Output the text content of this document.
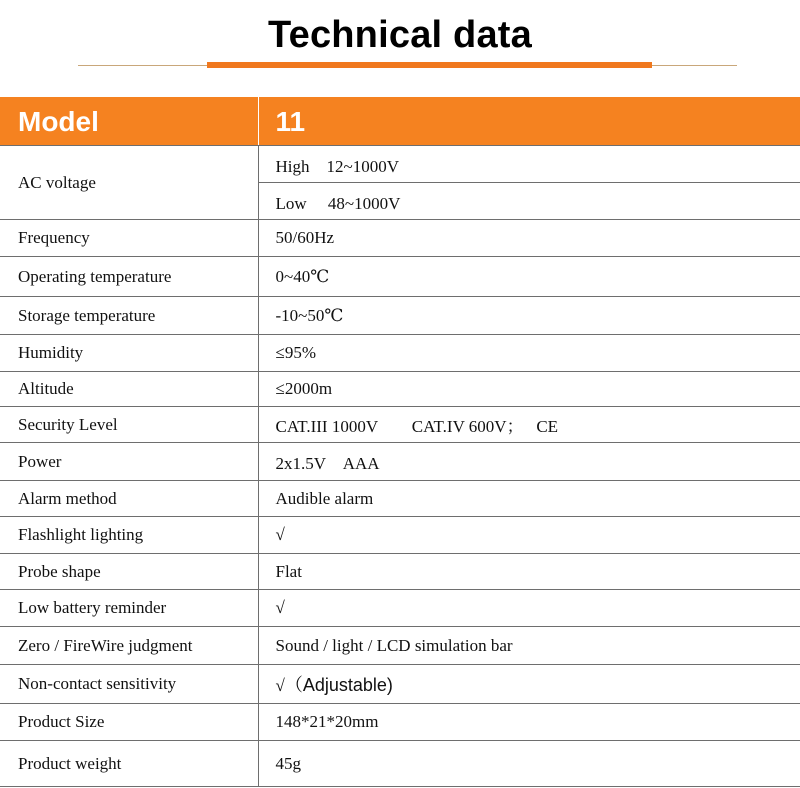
Technical data
Model	11
AC voltage	High　12~1000V
	Low　 48~1000V
Frequency	50/60Hz
Operating temperature	0~40℃
Storage temperature	-10~50℃
Humidity	≤95%
Altitude	≤2000m
Security Level	CAT.III 1000V　　CAT.IV 600V；　 CE
Power	2x1.5V　AAA
Alarm method	Audible alarm
Flashlight lighting	√
Probe shape	Flat
Low battery reminder	√
Zero / FireWire judgment	Sound / light / LCD simulation bar
Non-contact sensitivity	√（Adjustable)
Product Size	148*21*20mm
Product weight	45g
